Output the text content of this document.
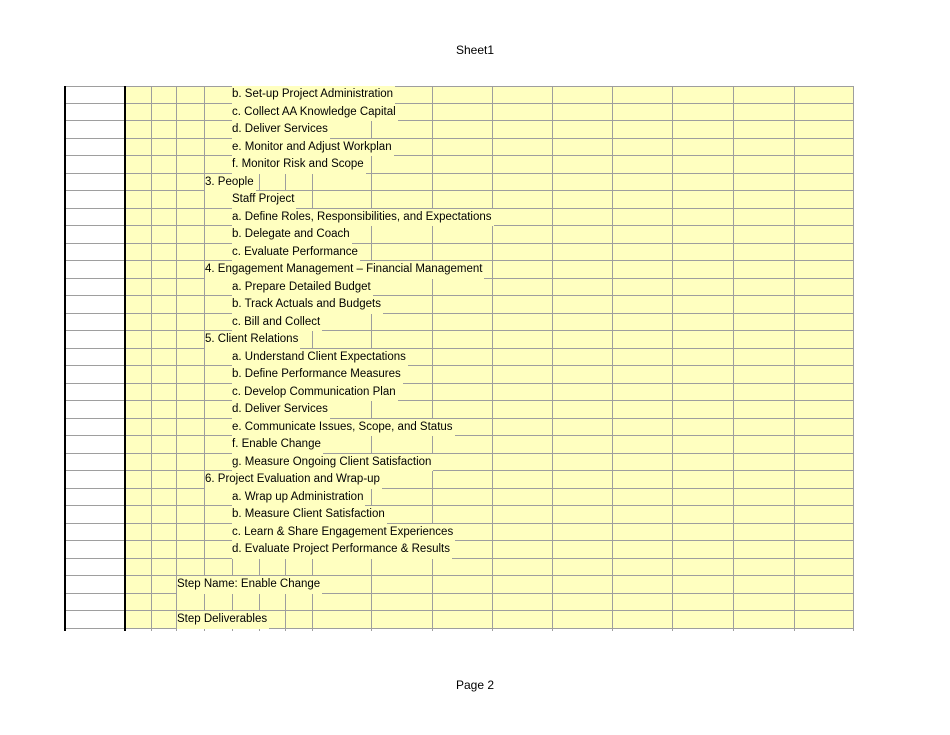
Sheet1
b. Set-up Project Administration
c. Collect AA Knowledge Capital
d. Deliver Services
e. Monitor and Adjust Workplan
f. Monitor Risk and Scope
3. People
Staff Project
a. Define Roles, Responsibilities, and Expectations
b. Delegate and Coach
c. Evaluate Performance
4. Engagement Management – Financial Management
a. Prepare Detailed Budget
b. Track Actuals and Budgets
c. Bill and Collect
5. Client Relations
a. Understand Client Expectations
b. Define Performance Measures
c. Develop Communication Plan
d. Deliver Services
e. Communicate Issues, Scope, and Status
f. Enable Change
g. Measure Ongoing Client Satisfaction
6. Project Evaluation and Wrap-up
a. Wrap up Administration
b. Measure Client Satisfaction
c. Learn & Share Engagement Experiences
d. Evaluate Project Performance & Results
Step Name: Enable Change
Step Deliverables
Page 2
